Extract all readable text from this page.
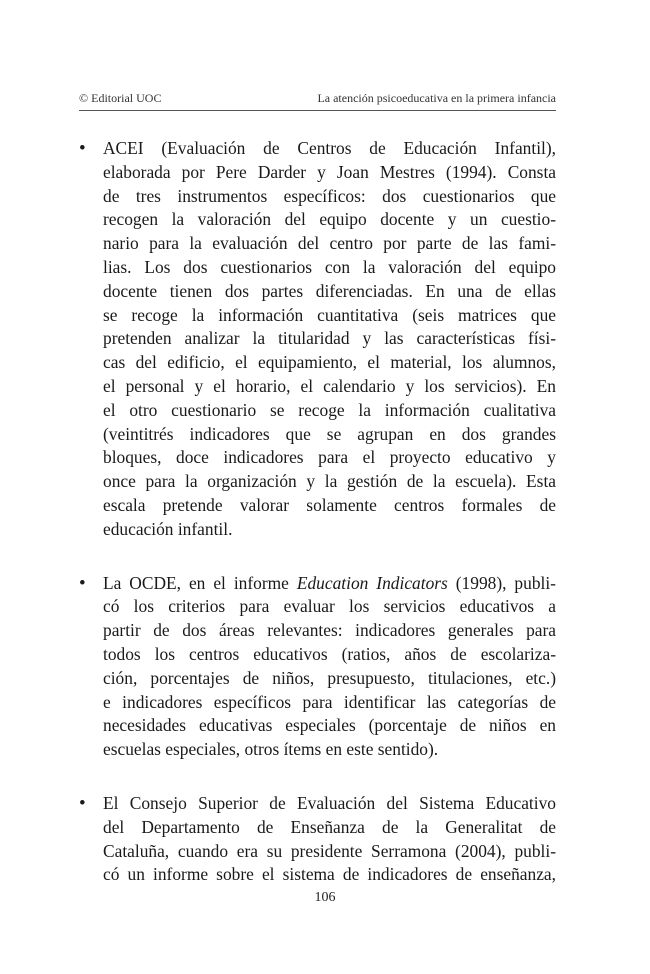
© Editorial UOC	La atención psicoeducativa en la primera infancia
• ACEI (Evaluación de Centros de Educación Infantil),
elaborada por Pere Darder y Joan Mestres (1994). Consta
de tres instrumentos específicos: dos cuestionarios que
recogen la valoración del equipo docente y un cuestio-
nario para la evaluación del centro por parte de las fami-
lias. Los dos cuestionarios con la valoración del equipo
docente tienen dos partes diferenciadas. En una de ellas
se recoge la información cuantitativa (seis matrices que
pretenden analizar la titularidad y las características físi-
cas del edificio, el equipamiento, el material, los alumnos,
el personal y el horario, el calendario y los servicios). En
el otro cuestionario se recoge la información cualitativa
(veintitrés indicadores que se agrupan en dos grandes
bloques, doce indicadores para el proyecto educativo y
once para la organización y la gestión de la escuela). Esta
escala pretende valorar solamente centros formales de
educación infantil.
• La OCDE, en el informe Education Indicators (1998), publi-
có los criterios para evaluar los servicios educativos a
partir de dos áreas relevantes: indicadores generales para
todos los centros educativos (ratios, años de escolariza-
ción, porcentajes de niños, presupuesto, titulaciones, etc.)
e indicadores específicos para identificar las categorías de
necesidades educativas especiales (porcentaje de niños en
escuelas especiales, otros ítems en este sentido).
• El Consejo Superior de Evaluación del Sistema Educativo
del Departamento de Enseñanza de la Generalitat de
Cataluña, cuando era su presidente Serramona (2004), publi-
có un informe sobre el sistema de indicadores de enseñanza,
106
